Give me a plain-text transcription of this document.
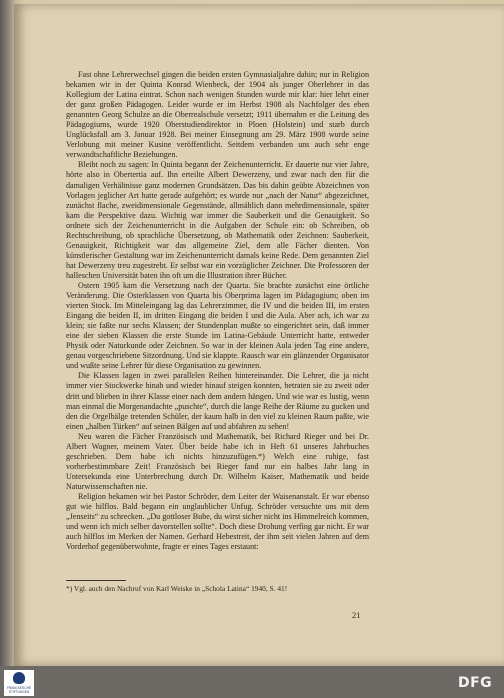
Fast ohne Lehrerwechsel gingen die beiden ersten Gymnasialjahre dahin; nur in Religion bekamen wir in der Quinta Konrad Wienbeck, der 1904 als junger Oberlehrer in das Kollegium der Latina eintrat. Schon nach wenigen Stunden wurde mir klar: hier lehrt einer der ganz großen Pädagogen. Leider wurde er im Herbst 1908 als Nachfolger des eben genannten Georg Schulze an die Oberrealschule versetzt; 1911 übernahm er die Leitung des Pädagogiums, wurde 1920 Oberstudiendirektor in Ploen (Holstein) und starb durch Unglücksfall am 3. Januar 1928. Bei meiner Einsegnung am 29. März 1908 wurde seine Verlobung mit meiner Kusine veröffentlicht. Seitdem verbanden uns auch sehr enge verwandtschaftliche Beziehungen.

Bleibt noch zu sagen: In Quinta begann der Zeichenunterricht. Er dauerte nur vier Jahre, hörte also in Obertertia auf. Ihn erteilte Albert Dewerzeny, und zwar nach den für die damaligen Verhältnisse ganz modernen Grundsätzen. Das bis dahin geübte Abzeichnen von Vorlagen jeglicher Art hatte gerade aufgehört; es wurde nur „nach der Natur“ abgezeichnet, zunächst flache, zweidimensionale Gegenstände, allmählich dann mehrdimensionale, später kam die Perspektive dazu. Wichtig war immer die Sauberkeit und die Genauigkeit. So ordnete sich der Zeichenunterricht in die Aufgaben der Schule ein: ob Schreiben, ob Rechtschreibung, ob sprachliche Übersetzung, ob Mathematik oder Zeichnen: Sauberkeit, Genauigkeit, Richtigkeit war das allgemeine Ziel, dem alle Fächer dienten. Von künstlerischer Gestaltung war im Zeichenunterricht damals keine Rede. Dem genannten Ziel hat Dewerzeny treu zugestrebt. Er selbst war ein vorzüglicher Zeichner. Die Professoren der halleschen Universität baten ihn oft um die Illustration ihrer Bücher.

Ostern 1905 kam die Versetzung nach der Quarta. Sie brachte zunächst eine örtliche Veränderung. Die Osterklassen von Quarta bis Oberprima lagen im Pädagogium; oben im vierten Stock. Im Mitteleingang lag das Lehrerzimmer, die IV und die beiden III, im ersten Eingang die beiden II, im dritten Eingang die beiden I und die Aula. Aber ach, ich war zu klein; sie faßte nur sechs Klassen; der Stundenplan mußte so eingerichtet sein, daß immer eine der sieben Klassen die erste Stunde im Latina-Gebäude Unterricht hatte, entweder Physik oder Naturkunde oder Zeichnen. So war in der kleinen Aula jeden Tag eine andere, genau vorgeschriebene Sitzordnung. Und sie klappte. Rausch war ein glänzender Organisator und wußte seine Lehrer für diese Organisation zu gewinnen.

Die Klassen lagen in zwei parallelen Reihen hintereinander. Die Lehrer, die ja nicht immer vier Stockwerke hinab und wieder hinauf steigen konnten, betraten sie zu zweit oder dritt und blieben in ihrer Klasse einer nach dem andern hängen. Und wie war es lustig, wenn man einmal die Morgenandachte „puschte“, durch die lange Reihe der Räume zu gucken und den die Orgelbälge tretenden Schüler, der kaum halb in den viel zu kleinen Raum paßte, wie einen „halben Türken“ auf seinen Bälgen auf und abfahren zu sehen!

Neu waren die Fächer Französisch und Mathematik, bei Richard Rieger und bei Dr. Albert Wagner, meinem Vater. Über beide habe ich in Heft 61 unseres Jahrbuches geschrieben. Dem habe ich nichts hinzuzufügen.*) Welch eine ruhige, fast vorherbestimmbare Zeit! Französisch bei Rieger fand nur ein halbes Jahr lang in Untersekunda eine Unterbrechung durch Dr. Wilhelm Kaiser, Mathematik und beide Naturwissenschaften nie.

Religion bekamen wir bei Pastor Schröder, dem Leiter der Waisenanstalt. Er war ebenso gut wie hilflos. Bald begann ein unglaublicher Unfug. Schröder versuchte uns mit dem „Jenseits“ zu schrecken. „Du gottloser Bube, du wirst sicher nicht ins Himmelreich kommen, und wenn ich mich selber davorstellen sollte“. Doch diese Drohung verfing gar nicht. Er war auch hilflos im Merken der Namen. Gerhard Hebestreit, der ihm seit vielen Jahren auf dem Vorderhof gegenüberwohnte, fragte er eines Tages erstaunt:

*) Vgl. auch den Nachruf von Karl Weiske in „Schola Latina“ 1940, S. 41!
21
FRANCKESCHE
STIFTUNGEN
DFG
